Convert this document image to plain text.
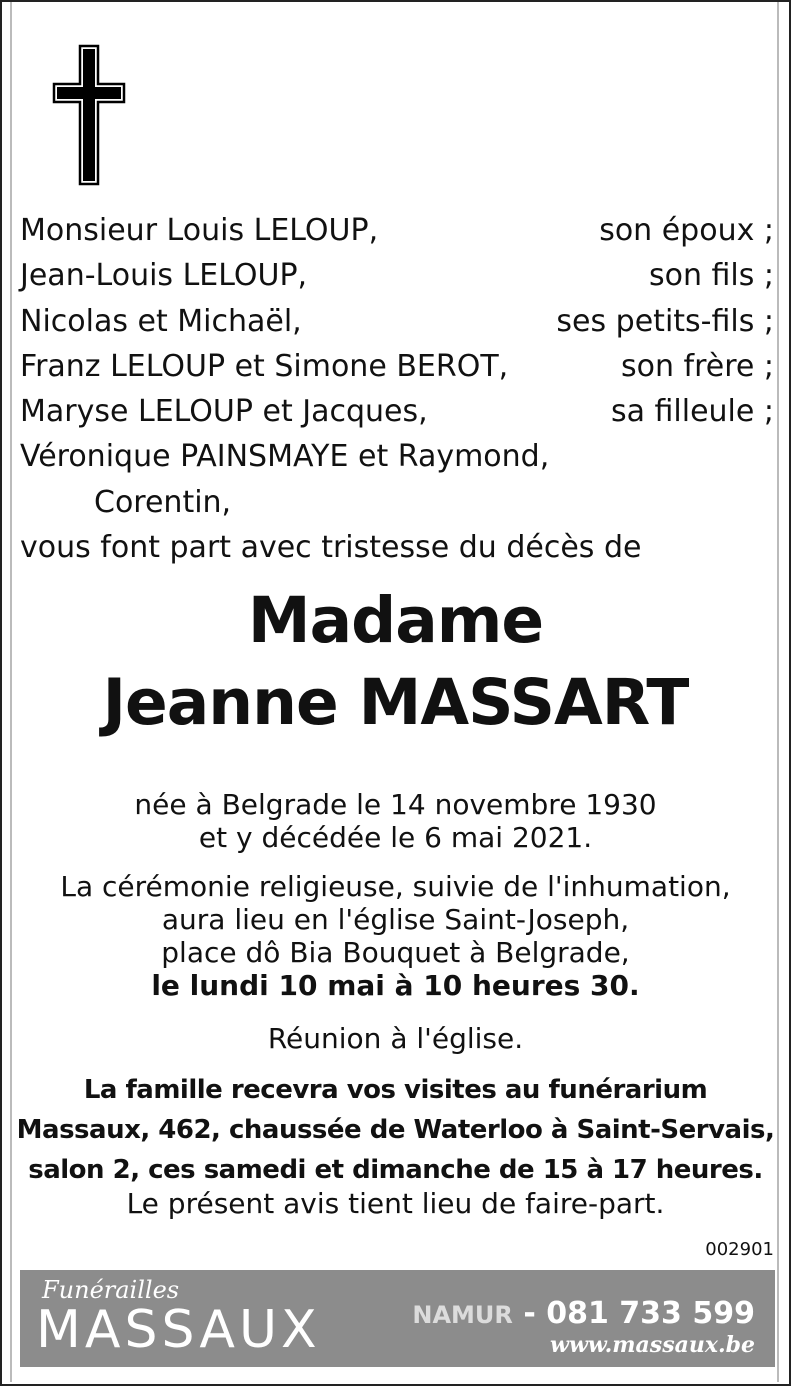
Monsieur Louis LELOUP,	son époux ;
Jean-Louis LELOUP,	son fils ;
Nicolas et Michaël,	ses petits-fils ;
Franz LELOUP et Simone BEROT,	son frère ;
Maryse LELOUP et Jacques,	sa filleule ;
Véronique PAINSMAYE et Raymond,
Corentin,
vous font part avec tristesse du décès de
Madame
Jeanne MASSART
née à Belgrade le 14 novembre 1930
et y décédée le 6 mai 2021.
La cérémonie religieuse, suivie de l'inhumation,
aura lieu en l'église Saint-Joseph,
place dô Bia Bouquet à Belgrade,
le lundi 10 mai à 10 heures 30.
Réunion à l'église.
La famille recevra vos visites au funérarium
Massaux, 462, chaussée de Waterloo à Saint-Servais,
salon 2, ces samedi et dimanche de 15 à 17 heures.
Le présent avis tient lieu de faire-part.
002901
Funérailles
MASSAUX	NAMUR - 081 733 599
www.massaux.be
